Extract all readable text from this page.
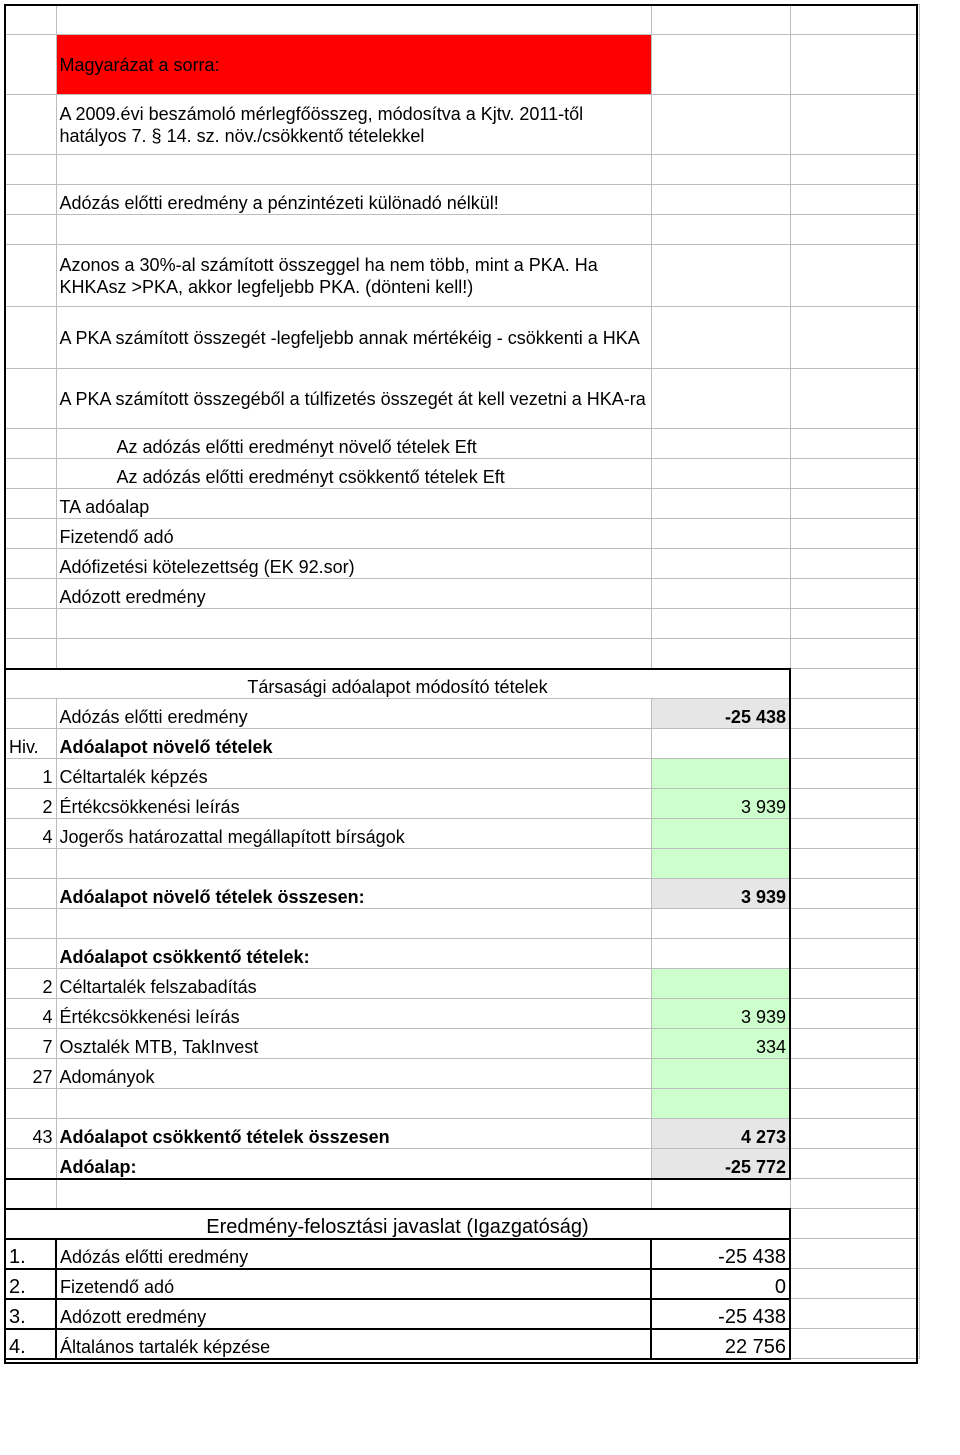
	Magyarázat a sorra:		
	A 2009.évi beszámoló mérlegfőösszeg, módosítva a Kjtv. 2011-től hatályos 7. § 14. sz. növ./csökkentő tételekkel		

	Adózás előtti eredmény a pénzintézeti különadó nélkül!		

	Azonos a 30%-al számított összeggel ha nem több, mint a PKA. Ha KHKAsz >PKA, akkor legfeljebb PKA. (dönteni kell!)		
	A PKA számított összegét -legfeljebb annak mértékéig - csökkenti a HKA		
	A PKA számított összegéből a túlfizetés összegét át kell vezetni a HKA-ra		
	Az adózás előtti eredményt növelő tételek Eft		
	Az adózás előtti eredményt csökkentő tételek Eft		
	TA adóalap		
	Fizetendő adó		
	Adófizetési kötelezettség (EK 92.sor)		
	Adózott eredmény		

Társasági adóalapot módosító tételek			
	Adózás előtti eredmény	-25 438	
Hiv.	Adóalapot növelő tételek		
1	Céltartalék képzés		
2	Értékcsökkenési leírás	3 939	
4	Jogerős határozattal megállapított bírságok		

	Adóalapot növelő tételek összesen:	3 939	

	Adóalapot csökkentő tételek:		
2	Céltartalék felszabadítás		
4	Értékcsökkenési leírás	3 939	
7	Osztalék MTB, TakInvest	334	
27	Adományok		

43	Adóalapot csökkentő tételek összesen	4 273	
	Adóalap:	-25 772	

Eredmény-felosztási javaslat (Igazgatóság)			
1.	Adózás előtti eredmény	-25 438	
2.	Fizetendő adó	0	
3.	Adózott eredmény	-25 438	
4.	Általános tartalék képzése	22 756	
